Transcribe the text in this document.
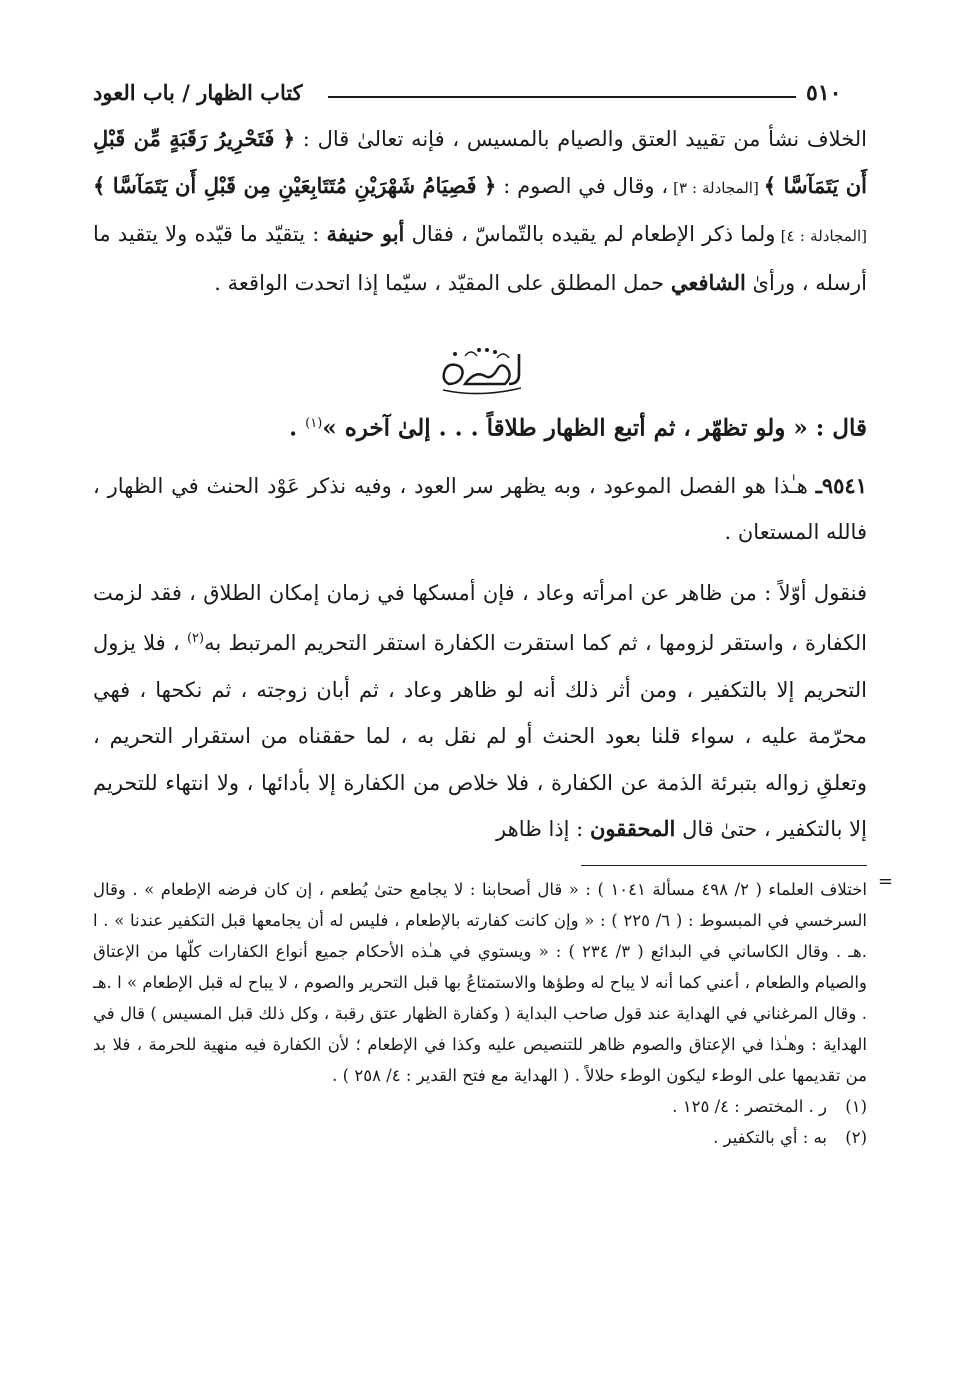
٥١٠
كتاب الظهار / باب العود

الخلاف نشأ من تقييد العتق والصيام بالمسيس ، فإنه تعالىٰ قال : ﴿ فَتَحْرِيرُ رَقَبَةٍ مِّن قَبْلِ أَن يَتَمَآسَّا ﴾ [المجادلة : ٣] ، وقال في الصوم : ﴿ فَصِيَامُ شَهْرَيْنِ مُتَتَابِعَيْنِ مِن قَبْلِ أَن يَتَمَآسَّا ﴾ [المجادلة : ٤] ولما ذكر الإطعام لم يقيده بالتّماسّ ، فقال أبو حنيفة : يتقيّد ما قيّده ولا يتقيد ما أرسله ، ورأىٰ الشافعي حمل المطلق على المقيّد ، سيّما إذا اتحدت الواقعة .

قال : « ولو تظهّر ، ثم أتبع الظهار طلاقاً . . . إلىٰ آخره »$^{(١)}$ .

٩٥٤١ـ هـٰذا هو الفصل الموعود ، وبه يظهر سر العود ، وفيه نذكر عَوْد الحنث في الظهار ، فالله المستعان .

فنقول أوّلاً : من ظاهر عن امرأته وعاد ، فإن أمسكها في زمان إمكان الطلاق ، فقد لزمت الكفارة ، واستقر لزومها ، ثم كما استقرت الكفارة استقر التحريم المرتبط به$^{(٢)}$ ، فلا يزول التحريم إلا بالتكفير ، ومن أثر ذلك أنه لو ظاهر وعاد ، ثم أبان زوجته ، ثم نكحها ، فهي محرّمة عليه ، سواء قلنا بعود الحنث أو لم نقل به ، لما حققناه من استقرار التحريم ، وتعلقِ زواله بتبرئة الذمة عن الكفارة ، فلا خلاص من الكفارة إلا بأدائها ، ولا انتهاء للتحريم إلا بالتكفير ، حتىٰ قال المحققون : إذا ظاهر

=

اختلاف العلماء ( ٢/ ٤٩٨ مسألة ١٠٤١ ) : « قال أصحابنا : لا يجامع حتىٰ يُطعم ، إن كان فرضه الإطعام » . وقال السرخسي في المبسوط : ( ٦/ ٢٢٥ ) : « وإن كانت كفارته بالإطعام ، فليس له أن يجامعها قبل التكفير عندنا » . ا .هـ . وقال الكاساني في البدائع ( ٣/ ٢٣٤ ) : « ويستوي في هـٰذه الأحكام جميع أنواع الكفارات كلّها من الإعتاق والصيام والطعام ، أعني كما أنه لا يباح له وطؤها والاستمتاعُ بها قبل التحرير والصوم ، لا يباح له قبل الإطعام » ا .هـ . وقال المرغناني في الهداية عند قول صاحب البداية ( وكفارة الظهار عتق رقبة ، وكل ذلك قبل المسيس ) قال في الهداية : وهـٰذا في الإعتاق والصوم ظاهر للتنصيص عليه وكذا في الإطعام ؛ لأن الكفارة فيه منهية للحرمة ، فلا بد من تقديمها على الوطء ليكون الوطء حلالاً . ( الهداية مع فتح القدير : ٤/ ٢٥٨ ) .

(١)ر . المختصر : ٤/ ١٢٥ .

(٢)به : أي بالتكفير .
